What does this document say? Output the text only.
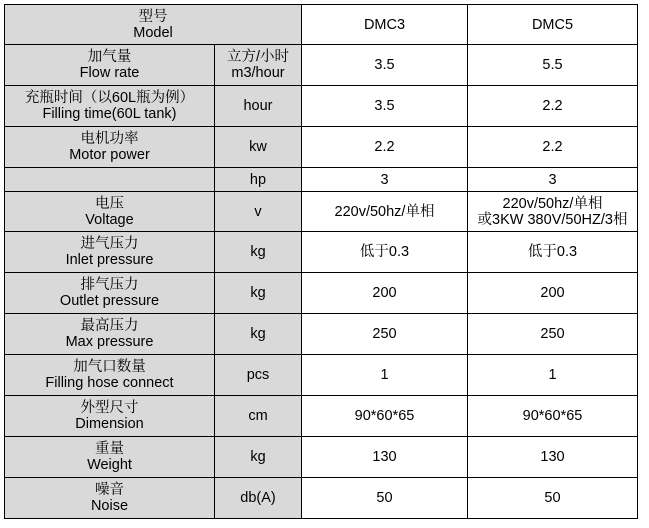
型号
Model		DMC3	DMC5

加气量
Flow rate	立方/小时
m3/hour	3.5	5.5

充瓶时间（以60L瓶为例）
Filling time(60L tank)	hour	3.5	2.2

电机功率
Motor power	kw	2.2	2.2

	hp	3	3

电压
Voltage	v	220v/50hz/单相	220v/50hz/单相
或3KW 380V/50HZ/3相

进气压力
Inlet pressure	kg	低于0.3	低于0.3

排气压力
Outlet pressure	kg	200	200

最高压力
Max pressure	kg	250	250

加气口数量
Filling hose connect	pcs	1	1

外型尺寸
Dimension	cm	90*60*65	90*60*65

重量
Weight	kg	130	130

噪音
Noise	db(A)	50	50
